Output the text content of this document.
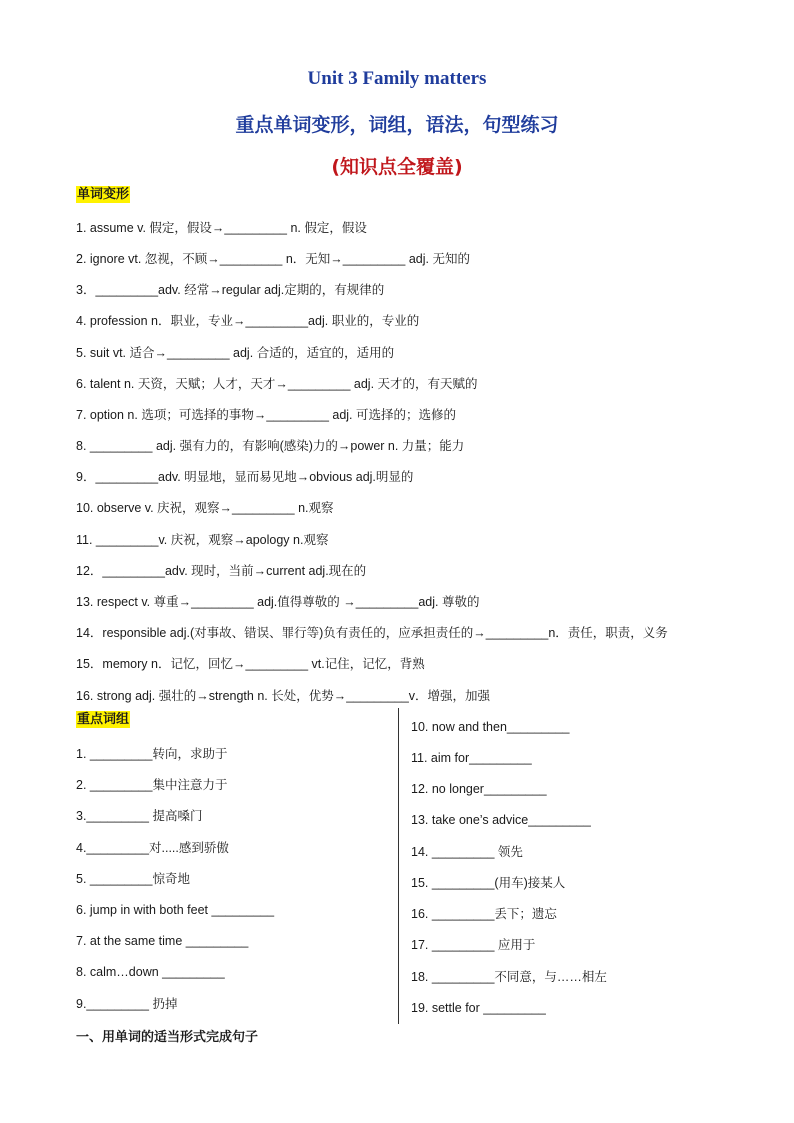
Unit 3 Family matters
重点单词变形，词组，语法，句型练习
(知识点全覆盖)
单词变形
1. assume v. 假定，假设→_________ n. 假定，假设
2. ignore vt. 忽视，不顾→_________ n．无知→_________ adj. 无知的
3．_________adv. 经常→regular adj.定期的，有规律的
4. profession n．职业，专业→_________adj. 职业的，专业的
5. suit vt. 适合→_________ adj. 合适的，适宜的，适用的
6. talent n. 天资，天赋；人才，天才→_________ adj. 天才的，有天赋的
7. option n. 选项；可选择的事物→_________ adj. 可选择的；选修的
8. _________ adj. 强有力的，有影响(感染)力的→power n. 力量；能力
9．_________adv. 明显地，显而易见地→obvious adj.明显的
10. observe v. 庆祝，观察→_________ n.观察
11. _________v. 庆祝，观察→apology n.观察
12．_________adv. 现时，当前→current adj.现在的
13. respect v. 尊重→_________ adj.值得尊敬的 →_________adj. 尊敬的
14．responsible adj.(对事故、错误、罪行等)负有责任的，应承担责任的→_________n．责任，职责，义务
15．memory n．记忆，回忆→_________ vt.记住，记忆，背熟
16. strong adj. 强壮的→strength n. 长处，优势→_________v．增强，加强
重点词组
1. _________转向，求助于
2. _________集中注意力于
3._________ 提高嗓门
4._________对.....感到骄傲
5. _________惊奇地
6. jump in with both feet _________
7. at the same time _________
8. calm…down _________
9._________ 扔掉
10. now and then_________
11. aim for_________
12. no longer_________
13. take one’s advice_________
14. _________ 领先
15. _________(用车)接某人
16. _________丢下；遗忘
17. _________ 应用于
18. _________不同意，与……相左
19. settle for _________
一、用单词的适当形式完成句子
